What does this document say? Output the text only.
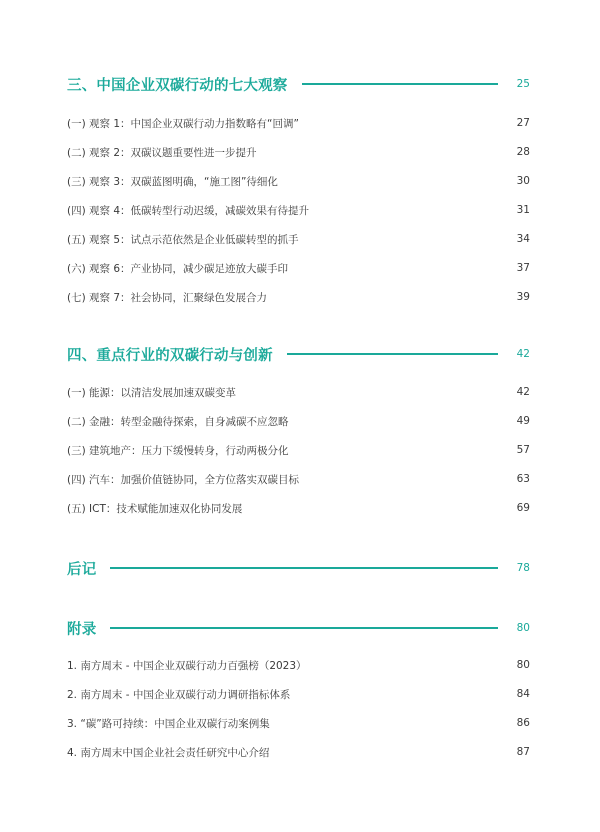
三、中国企业双碳行动的七大观察	25
(一) 观察 1：中国企业双碳行动力指数略有“回调”	27
(二) 观察 2：双碳议题重要性进一步提升	28
(三) 观察 3：双碳蓝图明确，“施工图”待细化	30
(四) 观察 4：低碳转型行动迟缓，减碳效果有待提升	31
(五) 观察 5：试点示范依然是企业低碳转型的抓手	34
(六) 观察 6：产业协同，减少碳足迹放大碳手印	37
(七) 观察 7：社会协同，汇聚绿色发展合力	39
四、重点行业的双碳行动与创新	42
(一) 能源：以清洁发展加速双碳变革	42
(二) 金融：转型金融待探索，自身减碳不应忽略	49
(三) 建筑地产：压力下缓慢转身，行动两极分化	57
(四) 汽车：加强价值链协同，全方位落实双碳目标	63
(五) ICT：技术赋能加速双化协同发展	69
后记	78
附录	80
1. 南方周末 - 中国企业双碳行动力百强榜（2023）	80
2. 南方周末 - 中国企业双碳行动力调研指标体系	84
3. “碳”路可持续：中国企业双碳行动案例集	86
4. 南方周末中国企业社会责任研究中心介绍	87
